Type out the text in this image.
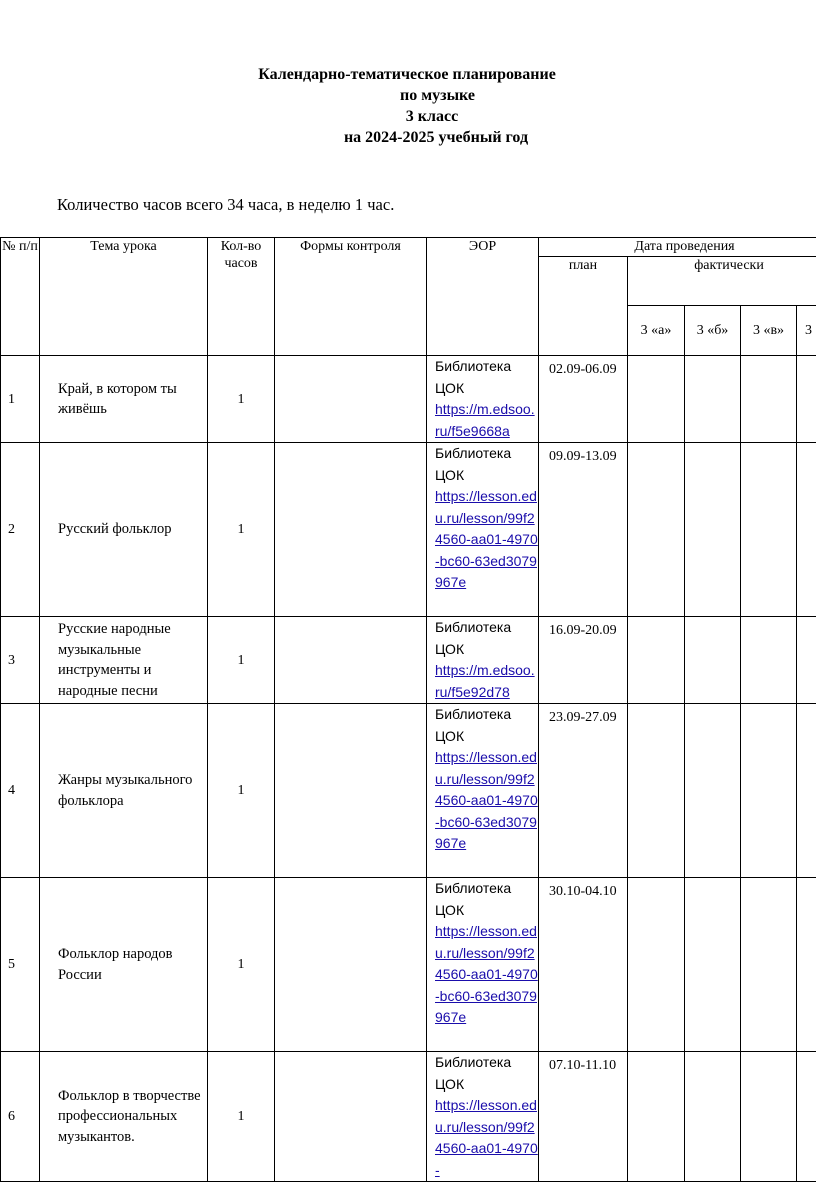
Календарно-тематическое планирование
по музыке
3 класс
на 2024-2025 учебный год
Количество часов всего 34 часа, в неделю 1 час.
№ п/п	Тема урока	Кол-во часов	Формы контроля	ЭОР	Дата проведения				
					план	фактически			
						3 «а»	3 «б»	3 «в»	3
1	Край, в котором ты живёшь	1		Библиотека ЦОК
https://m.edsoo.ru/f5e9668a	02.09-06.09				
2	Русский фольклор	1		Библиотека ЦОК
https://lesson.edu.ru/lesson/99f24560-aa01-4970-bc60-63ed3079967e	09.09-13.09				
3	Русские народные музыкальные инструменты и народные песни	1		Библиотека ЦОК
https://m.edsoo.ru/f5e92d78	16.09-20.09				
4	Жанры музыкального фольклора	1		Библиотека ЦОК
https://lesson.edu.ru/lesson/99f24560-aa01-4970-bc60-63ed3079967e	23.09-27.09				
5	Фольклор народов России	1		Библиотека ЦОК
https://lesson.edu.ru/lesson/99f24560-aa01-4970-bc60-63ed3079967e	30.10-04.10				
6	Фольклор в творчестве профессиональных музыкантов.	1		Библиотека ЦОК
https://lesson.edu.ru/lesson/99f24560-aa01-4970-	07.10-11.10				
